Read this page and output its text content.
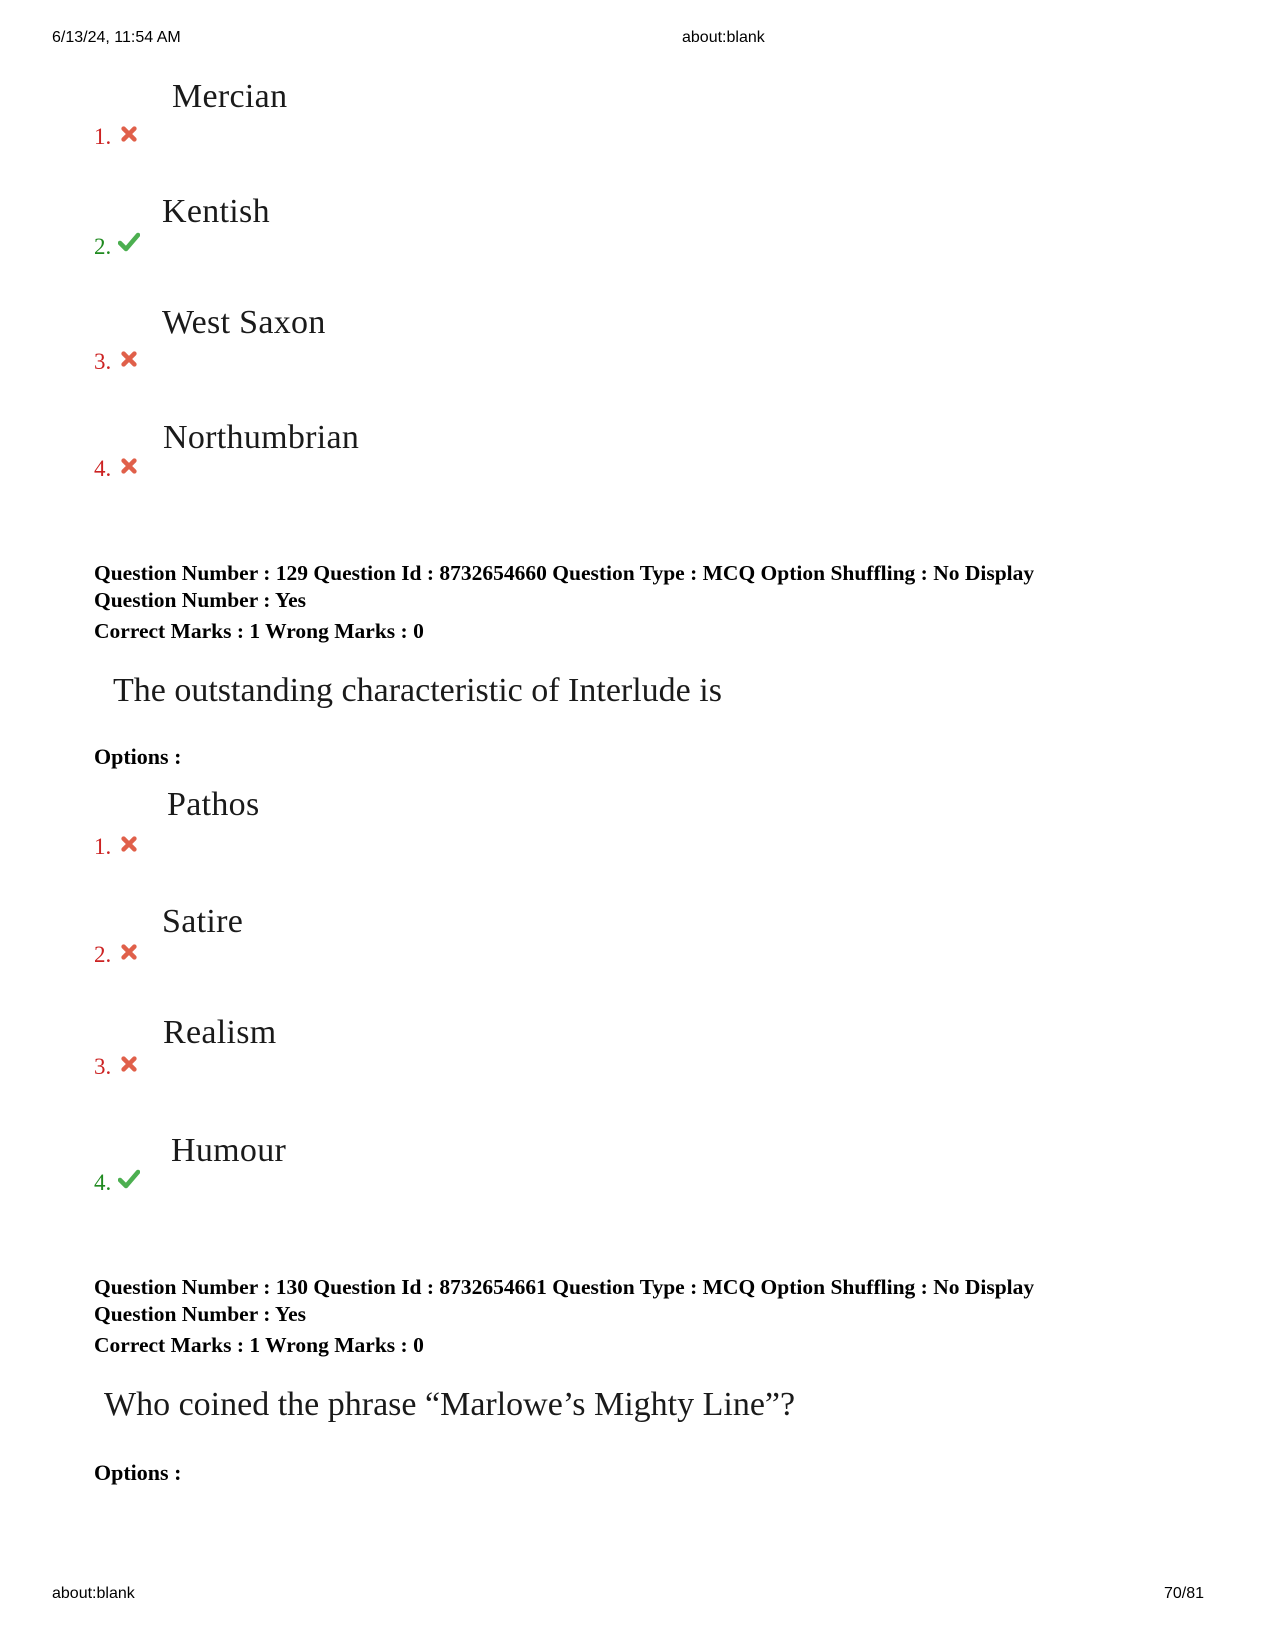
6/13/24, 11:54 AM	about:blank
1.
Mercian
2.
Kentish
3.
West Saxon
4.
Northumbrian
Question Number : 129 Question Id : 8732654660 Question Type : MCQ Option Shuffling : No Display
Question Number : Yes
Correct Marks : 1 Wrong Marks : 0
The outstanding characteristic of Interlude is
Options :
1.
Pathos
2.
Satire
3.
Realism
4.
Humour
Question Number : 130 Question Id : 8732654661 Question Type : MCQ Option Shuffling : No Display
Question Number : Yes
Correct Marks : 1 Wrong Marks : 0
Who coined the phrase “Marlowe’s Mighty Line”?
Options :
about:blank	70/81
